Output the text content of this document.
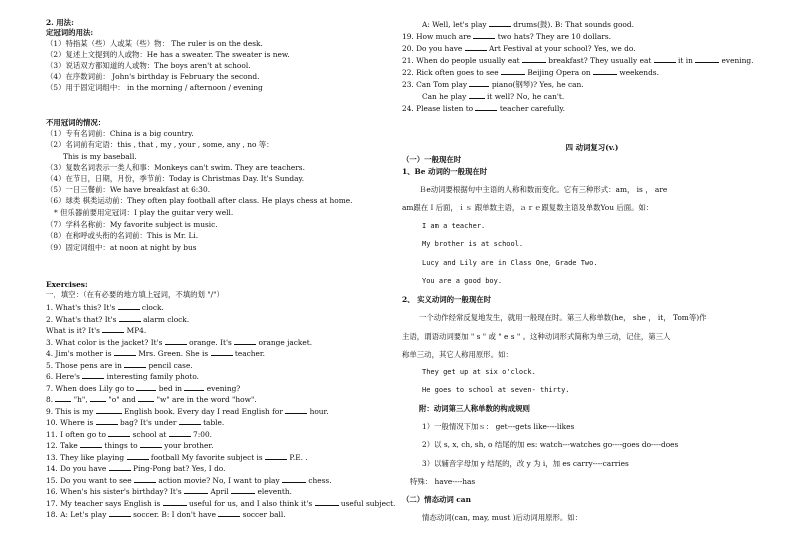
2. 用法:
定冠词的用法:
（1）特指某（些）人或某（些）物： The ruler is on the desk.
（2）复述上文提到的人或物：He has a sweater. The sweater is new.
（3）说话双方都知道的人或物：The boys aren't at school.
（4）在序数词前： John's birthday is February the second.
（5）用于固定词组中： in the morning / afternoon / evening
不用冠词的情况：
（1）专有名词前：China is a big country.
（2）名词前有定语：this , that , my , your , some, any , no 等：
This is my baseball.
（3）复数名词表示一类人和事：Monkeys can't swim. They are teachers.
（4）在节日，日期，月份，季节前：Today is Christmas Day. It's Sunday.
（5）一日三餐前：We have breakfast at 6:30.
（6）球类 棋类运动前：They often play football after class. He plays chess at home.
* 但乐器前要用定冠词：I play the guitar very well.
（7）学科名称前：My favorite subject is music.
（8）在称呼或头衔的名词前：This is Mr. Li.
（9）固定词组中：at noon at night by bus
Exercises:
一．填空：（在有必要的地方填上冠词，不填的划 "/"）
1. What's this? It's	clock.
2. What's that? It's	alarm clock.
What is it? It's	MP4.
3. What color is the jacket? It's	orange. It's	orange jacket.
4. Jim's mother is	Mrs. Green. She is	teacher.
5. Those pens are in	pencil case.
6. Here's	interesting family photo.
7. When does Lily go to	bed in	evening?
8.  "h",  "o" and  "w" are in the word "how".
9. This is my	English book. Every day I read English for	hour.
10. Where is	bag? It's under	table.
11. I often go to	school at	7:00.
12. Take	things to	your brother.
13. They like playing	football My favorite subject is	P.E. .
14. Do you have	Ping-Pong bat? Yes, I do.
15. Do you want to see	action movie? No, I want to play	chess.
16. When's his sister's birthday? It's	April	eleventh.
17. My teacher says English is	useful for us, and I also think it's	useful subject.
18. A: Let's play	soccer. B: I don't have	soccer ball.
A: Well, let's play	drums(鼓). B: That sounds good.
19. How much are	two hats? They are 10 dollars.
20. Do you have	Art Festival at your school? Yes, we do.
21. When do people usually eat	breakfast? They usually eat	it in	evening.
22. Rick often goes to see	Beijing Opera on	weekends.
23. Can Tom play	piano(钢琴)? Yes, he can.
Can he play  it well? No, he can't.
24. Please listen to	teacher carefully.
四 动词复习(v.)
（一）一般现在时
1、Be 动词的一般现在时
Ｂe动词要根据句中主语的人称和数而变化。它有三种形式：am， is ， are
am跟在Ｉ后面，ｉｓ 跟单数主语，ａｒｅ跟复数主语及单数You 后面。如：
I am a teacher.
My brother is at school.
Lucy and Lily are in Class One，Grade Two.
You are a good boy.
2、 实义动词的一般现在时
一个动作经常反复地发生，就用一般现在时。第三人称单数(he， she ， it， Tom等)作
主语，谓语动词要加 " s " 或 " e s " 。这种动词形式简称为单三动，记住，第三人
称单三动，其它人称用原形。如：
They get up at six o'clock.
He goes to school at seven- thirty.
附：动词第三人称单数的构成规则
1）一般情况下加ｓ： get---gets like----likes
2）以 s, x, ch, sh, o 结尾的加 es: watch---watches go----goes do----does
3）以辅音字母加 y 结尾的，改 y 为 i，加 es carry----carries
特殊： have----has
（二）情态动词 can
情态动词(can, may, must )后动词用原形。如：
